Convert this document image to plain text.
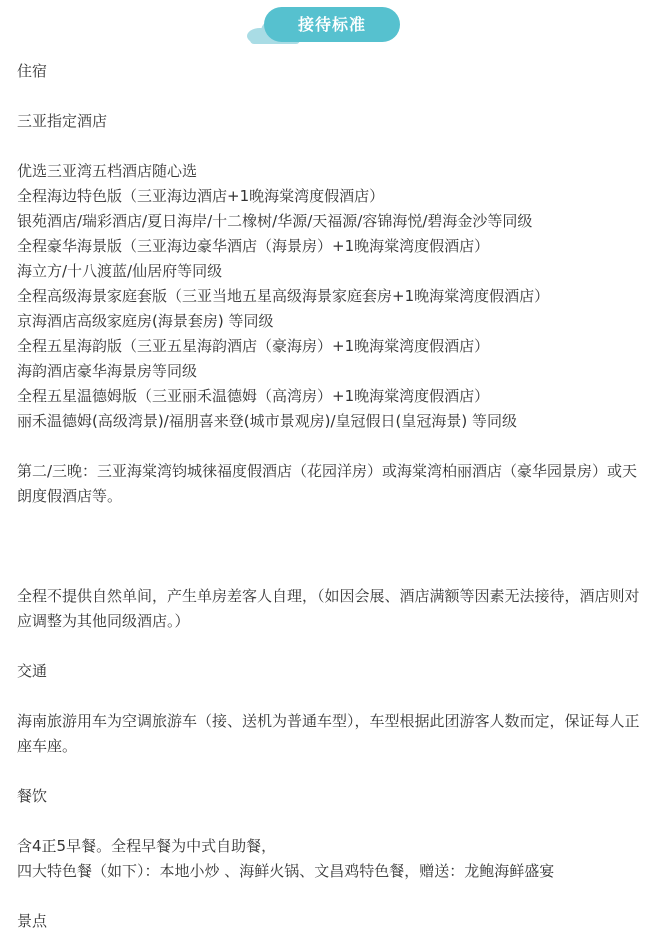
接待标准

住宿

三亚指定酒店

优选三亚湾五档酒店随心选

全程海边特色版（三亚海边酒店+1晚海棠湾度假酒店）

银苑酒店/瑞彩酒店/夏日海岸/十二橡树/华源/天福源/容锦海悦/碧海金沙等同级

全程豪华海景版（三亚海边豪华酒店（海景房）+1晚海棠湾度假酒店）

海立方/十八渡蓝/仙居府等同级

全程高级海景家庭套版（三亚当地五星高级海景家庭套房+1晚海棠湾度假酒店）

京海酒店高级家庭房(海景套房) 等同级

全程五星海韵版（三亚五星海韵酒店（豪海房）+1晚海棠湾度假酒店）

海韵酒店豪华海景房等同级

全程五星温德姆版（三亚丽禾温德姆（高湾房）+1晚海棠湾度假酒店）

丽禾温德姆(高级湾景)/福朋喜来登(城市景观房)/皇冠假日(皇冠海景) 等同级

第二/三晚：三亚海棠湾钧城徕福度假酒店（花园洋房）或海棠湾柏丽酒店（豪华园景房）或天朗度假酒店等。

全程不提供自然单间，产生单房差客人自理，（如因会展、酒店满额等因素无法接待，酒店则对应调整为其他同级酒店。）

交通

海南旅游用车为空调旅游车（接、送机为普通车型），车型根据此团游客人数而定，保证每人正座车座。

餐饮

含4正5早餐。全程早餐为中式自助餐，

四大特色餐（如下）：本地小炒 、海鲜火锅、文昌鸡特色餐，赠送：龙鲍海鲜盛宴

景点
